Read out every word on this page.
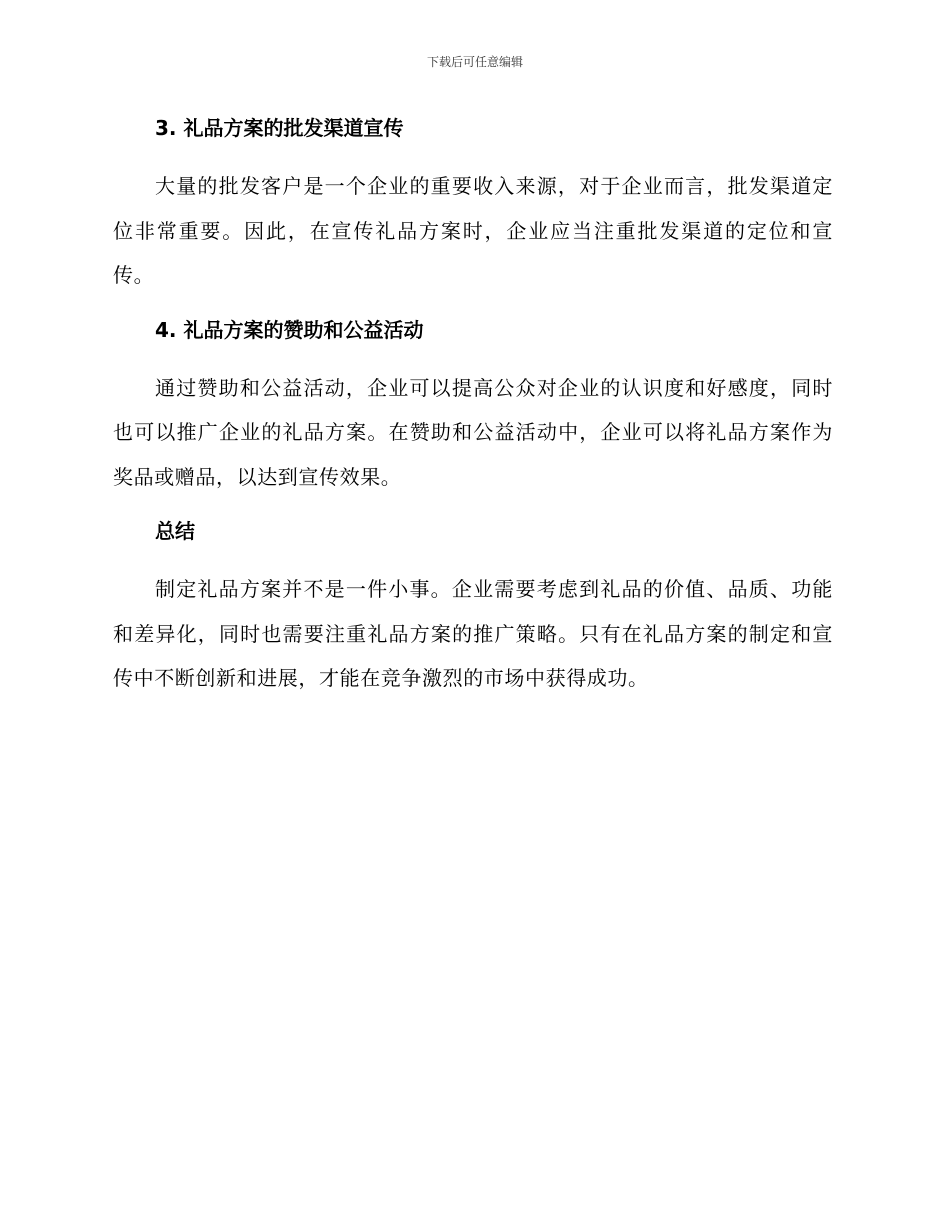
下载后可任意编辑
3. 礼品方案的批发渠道宣传

大量的批发客户是一个企业的重要收入来源，对于企业而言，批发渠道定位非常重要。因此，在宣传礼品方案时，企业应当注重批发渠道的定位和宣传。

4. 礼品方案的赞助和公益活动

通过赞助和公益活动，企业可以提高公众对企业的认识度和好感度，同时也可以推广企业的礼品方案。在赞助和公益活动中，企业可以将礼品方案作为奖品或赠品，以达到宣传效果。

总结

制定礼品方案并不是一件小事。企业需要考虑到礼品的价值、品质、功能和差异化，同时也需要注重礼品方案的推广策略。只有在礼品方案的制定和宣传中不断创新和进展，才能在竞争激烈的市场中获得成功。
